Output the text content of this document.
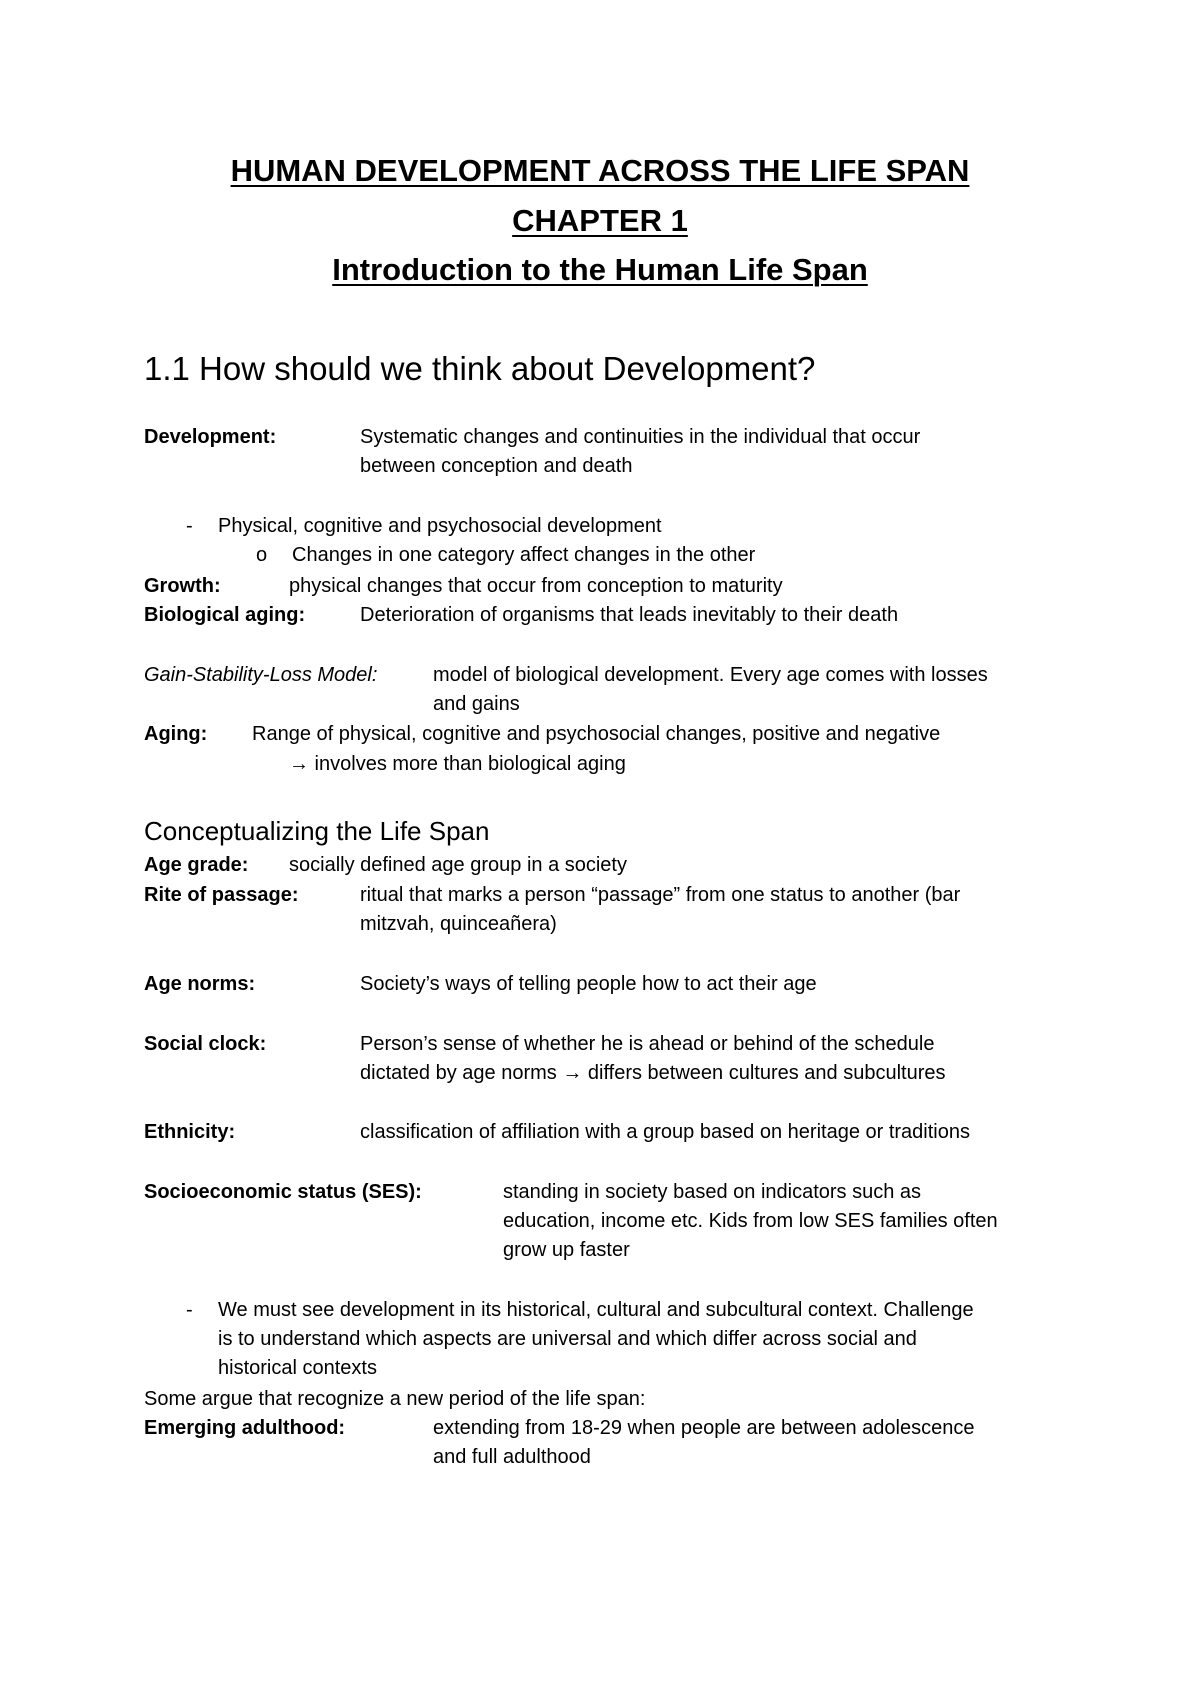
HUMAN DEVELOPMENT ACROSS THE LIFE SPAN
CHAPTER 1
Introduction to the Human Life Span
1.1 How should we think about Development?
Development:	Systematic changes and continuities in the individual that occur
between conception and death
- Physical, cognitive and psychosocial development
o Changes in one category affect changes in the other
Growth:	physical changes that occur from conception to maturity
Biological aging:	Deterioration of organisms that leads inevitably to their death
Gain-Stability-Loss Model:	model of biological development. Every age comes with losses
and gains
Aging: Range of physical, cognitive and psychosocial changes, positive and negative
→ involves more than biological aging
Conceptualizing the Life Span
Age grade: socially defined age group in a society
Rite of passage:	ritual that marks a person “passage” from one status to another (bar
mitzvah, quinceañera)
Age norms:	Society’s ways of telling people how to act their age
Social clock:	Person’s sense of whether he is ahead or behind of the schedule
dictated by age norms → differs between cultures and subcultures
Ethnicity:	classification of affiliation with a group based on heritage or traditions
Socioeconomic status (SES):	standing in society based on indicators such as
education, income etc. Kids from low SES families often
grow up faster
- We must see development in its historical, cultural and subcultural context. Challenge
is to understand which aspects are universal and which differ across social and
historical contexts
Some argue that recognize a new period of the life span:
Emerging adulthood:	extending from 18-29 when people are between adolescence
and full adulthood
